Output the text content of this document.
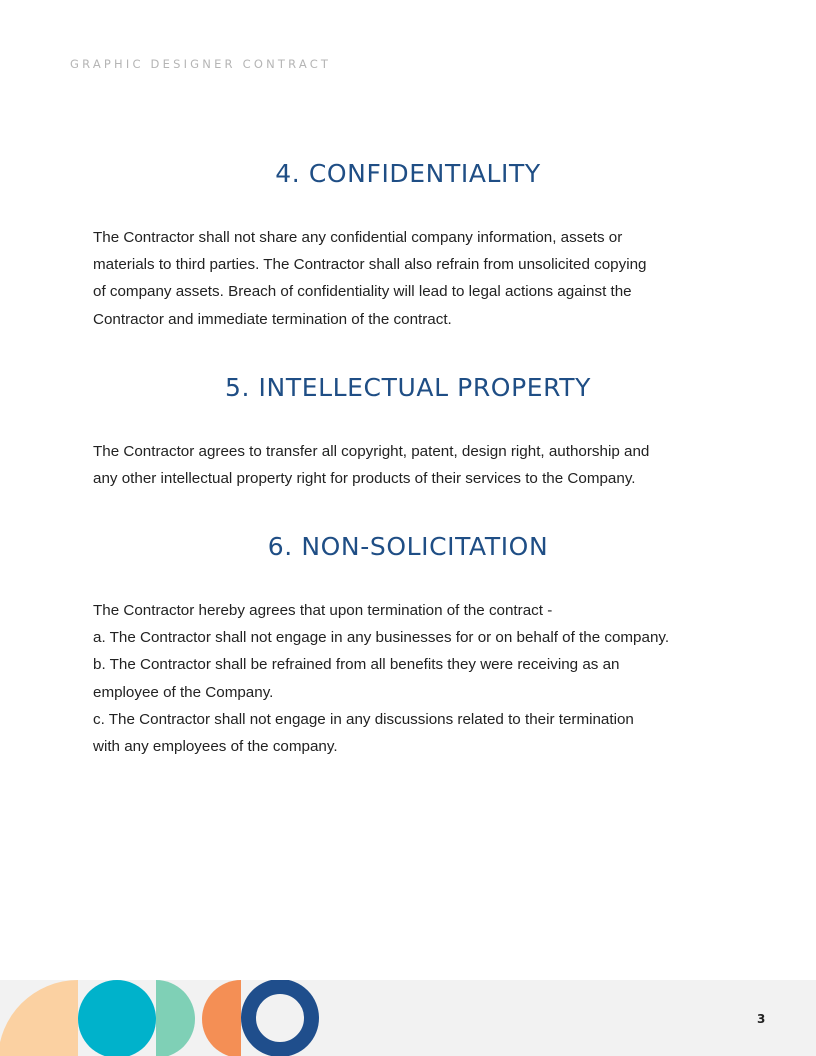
GRAPHIC DESIGNER CONTRACT
4. CONFIDENTIALITY

The Contractor shall not share any confidential company information, assets or
materials to third parties. The Contractor shall also refrain from unsolicited copying
of company assets. Breach of confidentiality will lead to legal actions against the
Contractor and immediate termination of the contract.

5. INTELLECTUAL PROPERTY

The Contractor agrees to transfer all copyright, patent, design right, authorship and
any other intellectual property right for products of their services to the Company.

6. NON-SOLICITATION

The Contractor hereby agrees that upon termination of the contract -
a. The Contractor shall not engage in any businesses for or on behalf of the company.
b. The Contractor shall be refrained from all benefits they were receiving as an
employee of the Company.
c. The Contractor shall not engage in any discussions related to their termination
with any employees of the company.

3
